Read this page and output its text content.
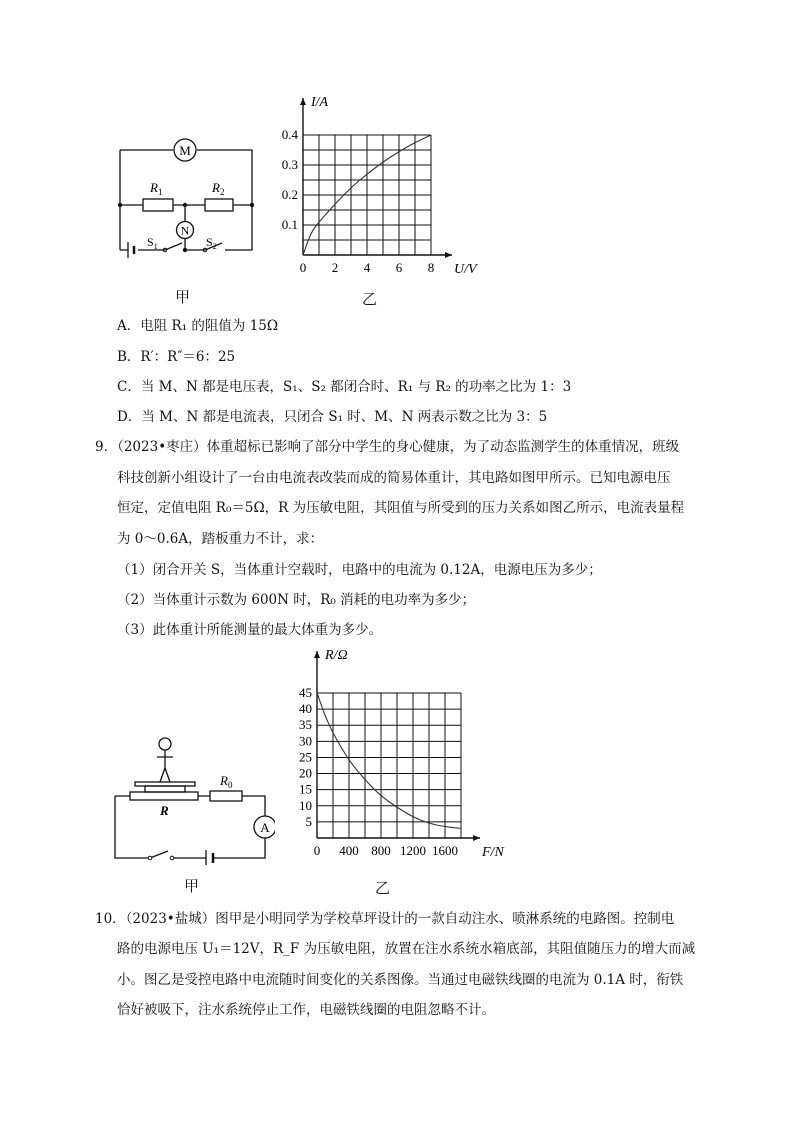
M
N
$R_1$	$R_2$
$S_1$	$S_2$
甲
0 2 4 6 8
0.1
0.2
0.3
0.4
U/V
I/A
乙
A．电阻 R₁ 的阻值为 15Ω
B．R′：R″＝6：25
C．当 M、N 都是电压表，S₁、S₂ 都闭合时、R₁ 与 R₂ 的功率之比为 1：3
D．当 M、N 都是电流表，只闭合 S₁ 时、M、N 两表示数之比为 3：5
9．（2023•枣庄）体重超标已影响了部分中学生的身心健康，为了动态监测学生的体重情况，班级
科技创新小组设计了一台由电流表改装而成的简易体重计，其电路如图甲所示。已知电源电压
恒定，定值电阻 R₀＝5Ω，R 为压敏电阻，其阻值与所受到的压力关系如图乙所示，电流表量程
为 0～0.6A，踏板重力不计，求：
（1）闭合开关 S，当体重计空载时，电路中的电流为 0.12A，电源电压为多少；
（2）当体重计示数为 600N 时，R₀ 消耗的电功率为多少；
（3）此体重计所能测量的最大体重为多少。
A
R
$R_0$
甲
0 400 800 1200 1600
5
10
15
20
25
30
35
40
45
F/N
R/Ω
乙
10．（2023•盐城）图甲是小明同学为学校草坪设计的一款自动注水、喷淋系统的电路图。控制电
路的电源电压 U₁＝12V，R_F 为压敏电阻，放置在注水系统水箱底部，其阻值随压力的增大而减
小。图乙是受控电路中电流随时间变化的关系图像。当通过电磁铁线圈的电流为 0.1A 时，衔铁
恰好被吸下，注水系统停止工作，电磁铁线圈的电阻忽略不计。
